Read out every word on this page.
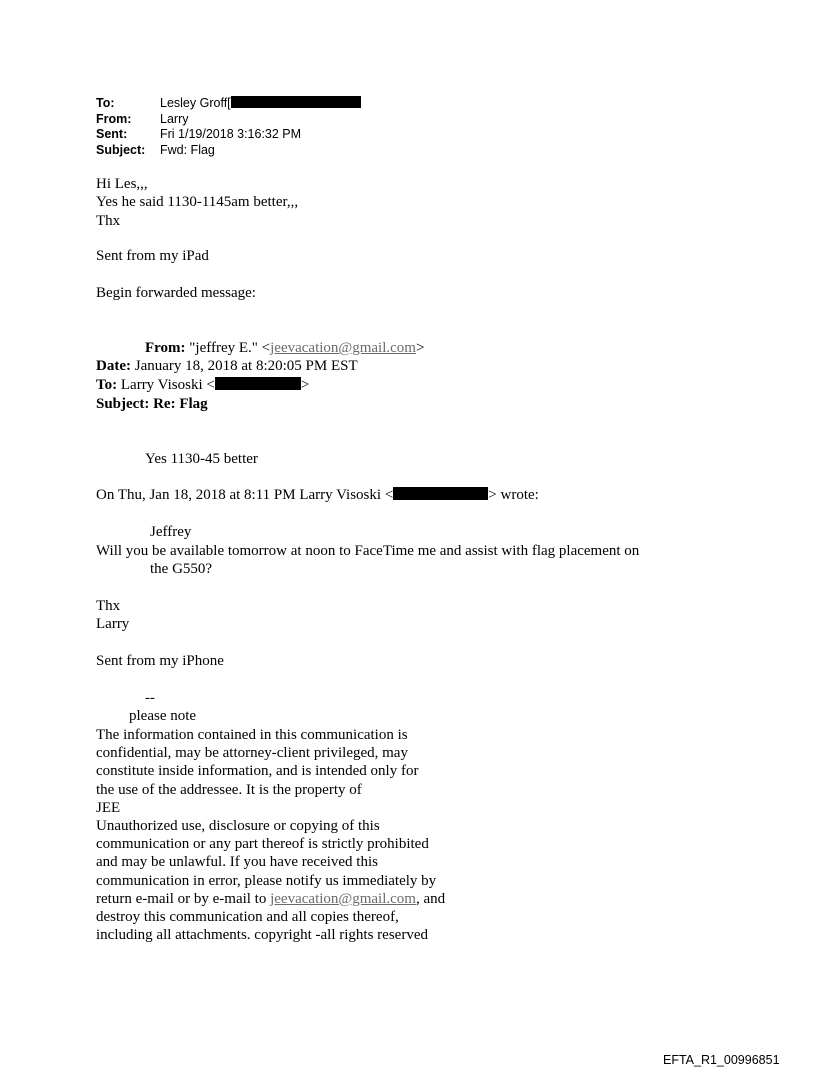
To:	Lesley Groff[
From:	Larry
Sent:	Fri 1/19/2018 3:16:32 PM
Subject:	Fwd: Flag
Hi Les,,,
Yes he said 1130-1145am better,,,
Thx
Sent from my iPad
Begin forwarded message:
From: "jeffrey E." <jeevacation@gmail.com>
Date: January 18, 2018 at 8:20:05 PM EST
To: Larry Visoski <	>
Subject: Re: Flag
Yes 1130-45 better
On Thu, Jan 18, 2018 at 8:11 PM Larry Visoski <	> wrote:
Jeffrey
Will you be available tomorrow at noon to FaceTime me and assist with flag placement on
the G550?
Thx
Larry
Sent from my iPhone
--
please note
The information contained in this communication is
confidential, may be attorney-client privileged, may
constitute inside information, and is intended only for
the use of the addressee. It is the property of
JEE
Unauthorized use, disclosure or copying of this
communication or any part thereof is strictly prohibited
and may be unlawful. If you have received this
communication in error, please notify us immediately by
return e-mail or by e-mail to jeevacation@gmail.com, and
destroy this communication and all copies thereof,
including all attachments. copyright -all rights reserved
EFTA_R1_00996851
